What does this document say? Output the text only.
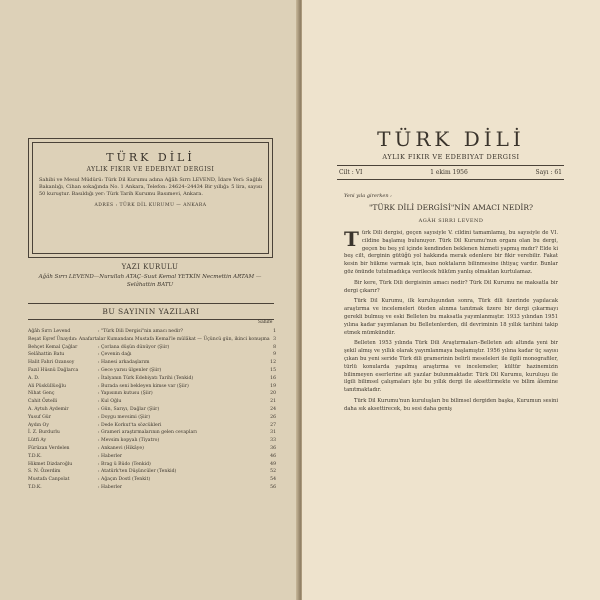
TÜRK DİLİ
AYLIK FIKIR VE EDEBIYAT DERGISI
Sahibi ve Mesul Müdürü: Türk Dil Kurumu adına Ağâh Sırrı LEVEND, İdare Yeri: Sağlık Bakanlığı, Cihan sokağında No. 1 Ankara, Telefon: 24624–24434 Bir yıllığı: 5 lira, sayısı 50 kuruştur. Basıldığı yer: Türk Tarih Kurumu Basımevi, Ankara.
ADRES : TÜRK DİL KURUMU — ANKARA
YAZI KURULU
Ağâh Sırrı LEVEND—Nurullah ATAÇ–Suut Kemal YETKİN Necmettin ARTAM — Selâhattin BATU
BU SAYININ YAZILARI
Sahife
Ağâh Sırrı Levend	: "Türk Dili Dergisi"nin amacı nedir?	1
Reşat Eşref Ünaydın : Anafartalar Kumandanı Mustafa Kemal'le mülâkat — Üçüncü gün, ikinci konuşma 3
Behçet Kemal Çağlar	: Çorlana düşün dünüyor (Şiir)	8
Selâhattin Batu	: Çevenin dağı	9
Halit Fahri Ozansoy	: Hanesi arkadaşlarım	12
Fazıl Hüsnü Dağlarca	: Gece yarısı ülgenler (Şiir)	15
A. D.	: İtalyanın Türk Edebiyatı Tarihi (Tenkid)	16
Ali Püsküllüoğlu	: Burada seni bekleyen kimse var (Şiir)	19
Nihat Genç	: Yapısının kutusu (Şiir)	20
Cahit Öztelli	: Kul Oğlu	21
A. Aytuh Aydemir	: Gün, Sarıyı, Dağlar (Şiir)	24
Yusuf Gür	: Doygu mevsimi (Şiir)	26
Aydın Oy	: Dede Korkut'ta sözcükleri	27
İ. Z. Burdurlu	: Grameri araştırmalarının gelen cevapları	31
Lütfi Ay	: Mevsim kopyalı (Tiyatro)	33
Fürüzan Verdelen	: Ankanevi (Hikâye)	36
T.D.K.	: Haberler	46
Hikmet Dizdaroğlu	: Brag ü Büdo (Tenkid)	49
S. N. Özerdim	: Atatürk'ten Düşüncüler (Tenkid)	52
Mustafa Canpolat	: Ağaçın Dostl (Tenkit)	54
T.D.K.	: Haberler	56
TÜRK DİLİ
AYLIK FIKIR VE EDEBIYAT DERGISI
Cilt : VI	1 ekim 1956	Sayı : 61
Yeni yıla girerken :
"TÜRK DİLİ DERGİSİ"NİN AMACI NEDİR?
AGÂH SIRRI LEVEND

Türk Dili dergisi, geçen sayısiyle V. cildini tamamlamış, bu sayısiyle de VI. cildine başlamış bulunuyor. Türk Dil Kurumu'nun organı olan bu dergi, geçen bu beş yıl içinde kendinden beklenen hizmeti yapmış mıdır? Elde ki beş cilt, derginin gütüğü yol hakkında merak edenlere bir fikir verebilir. Fakat kesin bir hükme varmak için, bazı noktaların bilinmesine ihtiyaç vardır. Bunlar göz önünde tutulmadıkça verilecek hüküm yanlış olmaktan kurtulamaz.

Bir kere, Türk Dili dergisinin amacı nedir? Türk Dil Kurumu ne maksatla bir dergi çıkarır?

Türk Dil Kurumu, ilk kuruluşundan sonra, Türk dili üzerinde yapılacak araştırma ve incelemeleri öteden alınma tanıtmak üzere bir dergi çıkarmayı gerekli bulmuş ve eski Belleten bu maksatla yayımlanmıştır. 1933 yılından 1951 yılına kadar yayımlanan bu Belletenlerden, dil devriminin 18 yıllık tarihini takip etmek mümkündür.

Belleten 1953 yılında Türk Dili Araştırmaları–Belleten adı altında yeni bir şekil almış ve yıllık olarak yayımlanmaya başlamıştır. 1956 yılına kadar üç sayısı çıkan bu yeni seride Türk dili gramerinin belirli meseleleri ile ilgili monografiler, türlü konularda yapılmış araştırma ve incelemeler, kültür hazinemizin bilinmeyen eserlerine ait yazılar bulunmaktadır. Türk Dil Kurumu, kuruluşu ile ilgili bilimsel çalışmaları işte bu yıllık dergi ile aksettirmekte ve bilim âlemine tanıtmaktadır.

Türk Dil Kurumu'nun kuruluşları bu bilimsel dergiden başka, Kurumun sesini daha sık aksettirecek, bu sesi daha geniş
